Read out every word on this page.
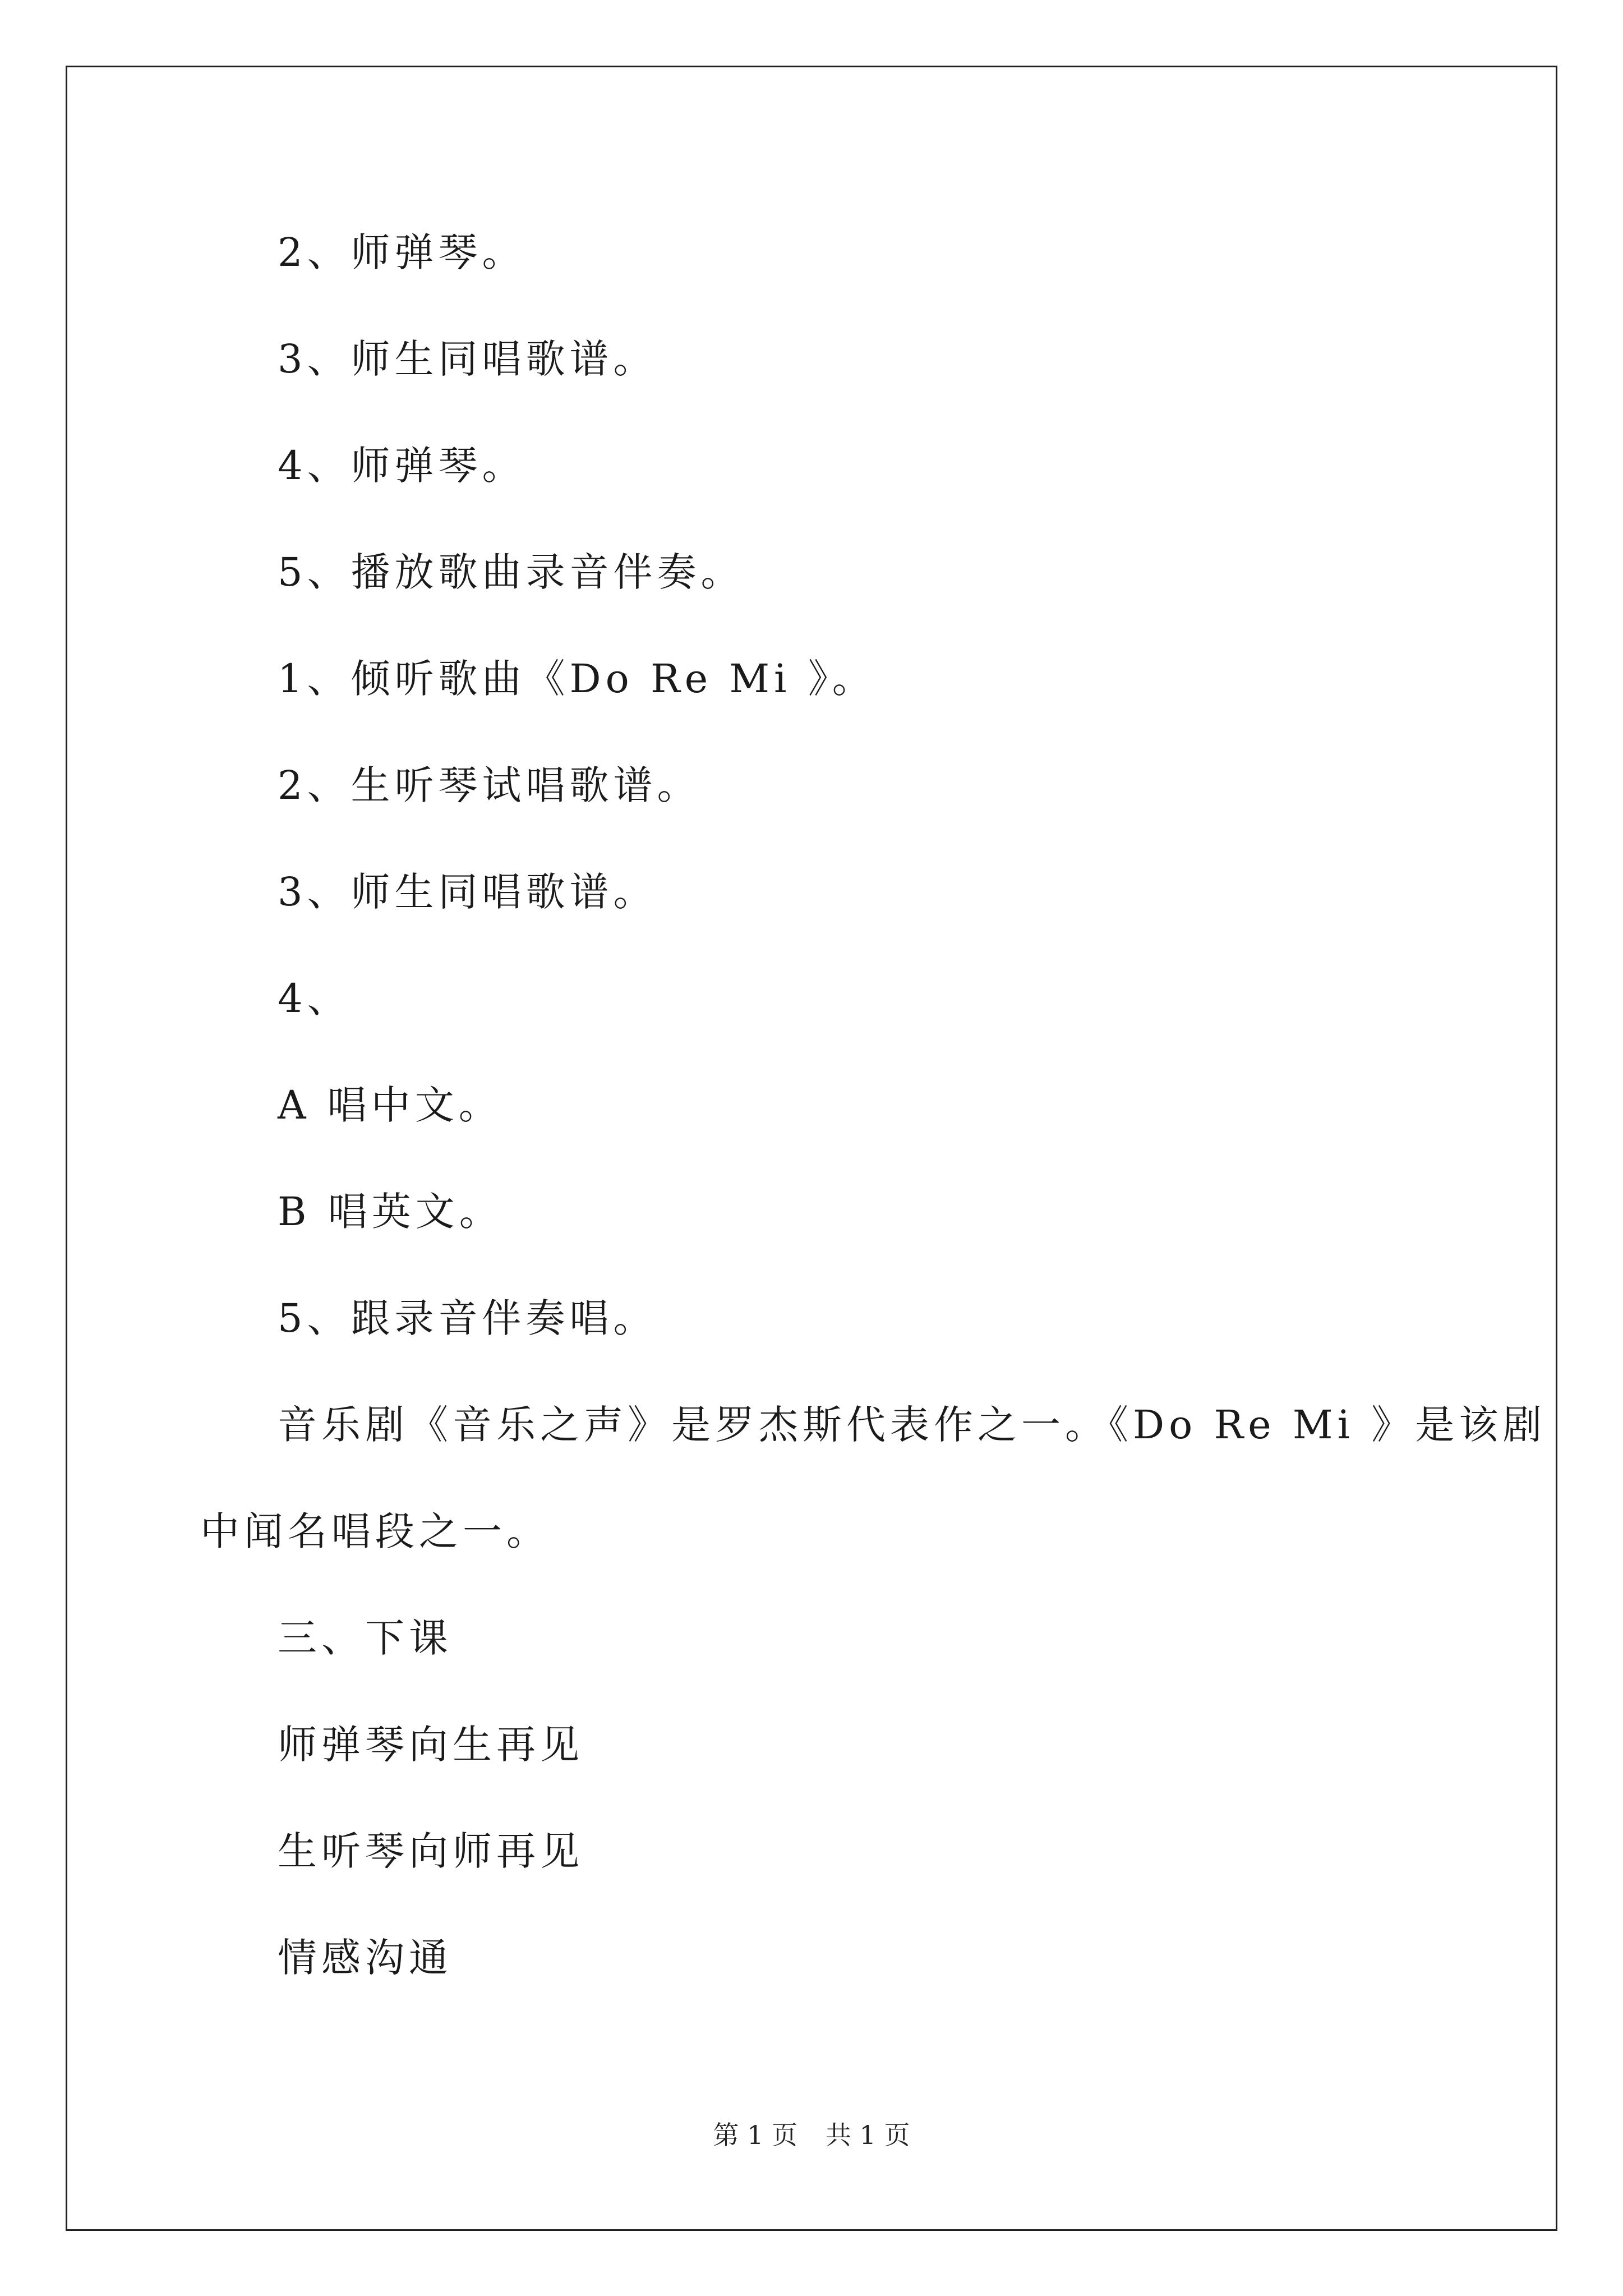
2、师弹琴。
3、师生同唱歌谱。
4、师弹琴。
5、播放歌曲录音伴奏。
1、倾听歌曲《Do Re Mi 》。
2、生听琴试唱歌谱。
3、师生同唱歌谱。
4、
A 唱中文。
B 唱英文。
5、跟录音伴奏唱。
音乐剧《音乐之声》是罗杰斯代表作之一。《Do Re Mi 》是该剧
中闻名唱段之一。
三、下课
师弹琴向生再见
生听琴向师再见
情感沟通
第 1 页 共 1 页
